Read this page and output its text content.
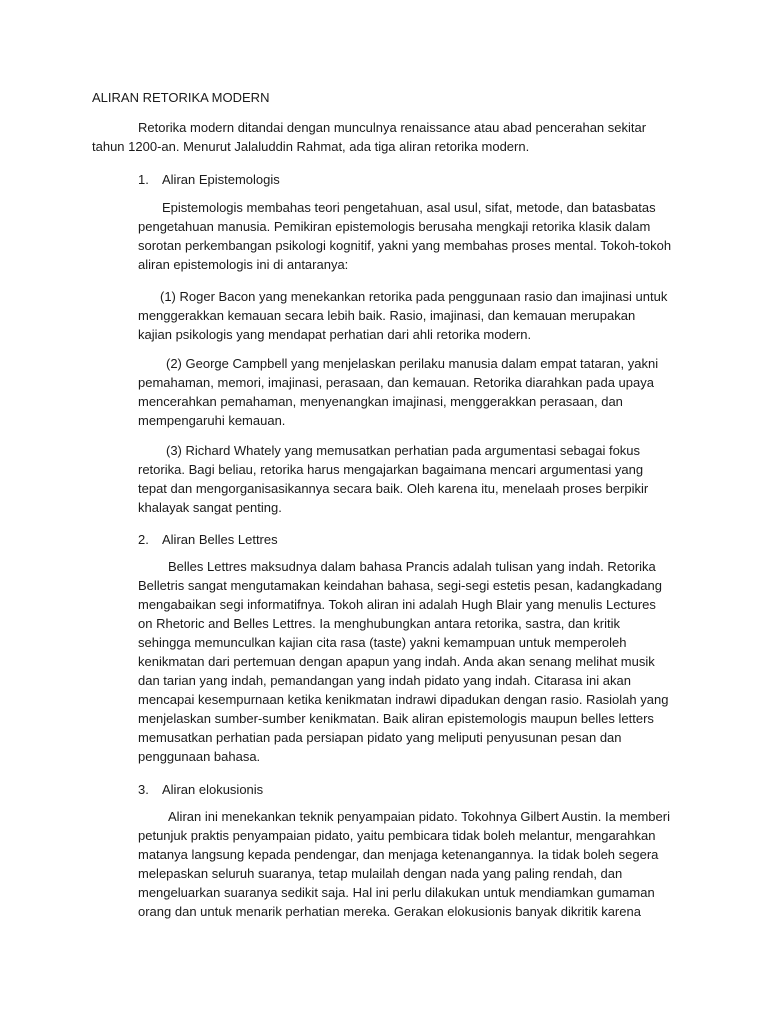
ALIRAN RETORIKA MODERN

Retorika modern ditandai dengan munculnya renaissance atau abad pencerahan sekitar tahun 1200-an. Menurut Jalaluddin Rahmat, ada tiga aliran retorika modern.

1. Aliran Epistemologis

Epistemologis membahas teori pengetahuan, asal usul, sifat, metode, dan batasbatas pengetahuan manusia. Pemikiran epistemologis berusaha mengkaji retorika klasik dalam sorotan perkembangan psikologi kognitif, yakni yang membahas proses mental. Tokoh-tokoh aliran epistemologis ini di antaranya:

(1) Roger Bacon yang menekankan retorika pada penggunaan rasio dan imajinasi untuk menggerakkan kemauan secara lebih baik. Rasio, imajinasi, dan kemauan merupakan kajian psikologis yang mendapat perhatian dari ahli retorika modern.

(2) George Campbell yang menjelaskan perilaku manusia dalam empat tataran, yakni pemahaman, memori, imajinasi, perasaan, dan kemauan. Retorika diarahkan pada upaya mencerahkan pemahaman, menyenangkan imajinasi, menggerakkan perasaan, dan mempengaruhi kemauan.

(3) Richard Whately yang memusatkan perhatian pada argumentasi sebagai fokus retorika. Bagi beliau, retorika harus mengajarkan bagaimana mencari argumentasi yang tepat dan mengorganisasikannya secara baik. Oleh karena itu, menelaah proses berpikir khalayak sangat penting.

2. Aliran Belles Lettres

Belles Lettres maksudnya dalam bahasa Prancis adalah tulisan yang indah. Retorika Belletris sangat mengutamakan keindahan bahasa, segi-segi estetis pesan, kadangkadang mengabaikan segi informatifnya. Tokoh aliran ini adalah Hugh Blair yang menulis Lectures on Rhetoric and Belles Lettres. Ia menghubungkan antara retorika, sastra, dan kritik sehingga memunculkan kajian cita rasa (taste) yakni kemampuan untuk memperoleh kenikmatan dari pertemuan dengan apapun yang indah. Anda akan senang melihat musik dan tarian yang indah, pemandangan yang indah pidato yang indah. Citarasa ini akan mencapai kesempurnaan ketika kenikmatan indrawi dipadukan dengan rasio. Rasiolah yang menjelaskan sumber-sumber kenikmatan. Baik aliran epistemologis maupun belles letters memusatkan perhatian pada persiapan pidato yang meliputi penyusunan pesan dan penggunaan bahasa.

3. Aliran elokusionis

Aliran ini menekankan teknik penyampaian pidato. Tokohnya Gilbert Austin. Ia memberi petunjuk praktis penyampaian pidato, yaitu pembicara tidak boleh melantur, mengarahkan matanya langsung kepada pendengar, dan menjaga ketenangannya. Ia tidak boleh segera melepaskan seluruh suaranya, tetap mulailah dengan nada yang paling rendah, dan mengeluarkan suaranya sedikit saja. Hal ini perlu dilakukan untuk mendiamkan gumaman orang dan untuk menarik perhatian mereka. Gerakan elokusionis banyak dikritik karena
